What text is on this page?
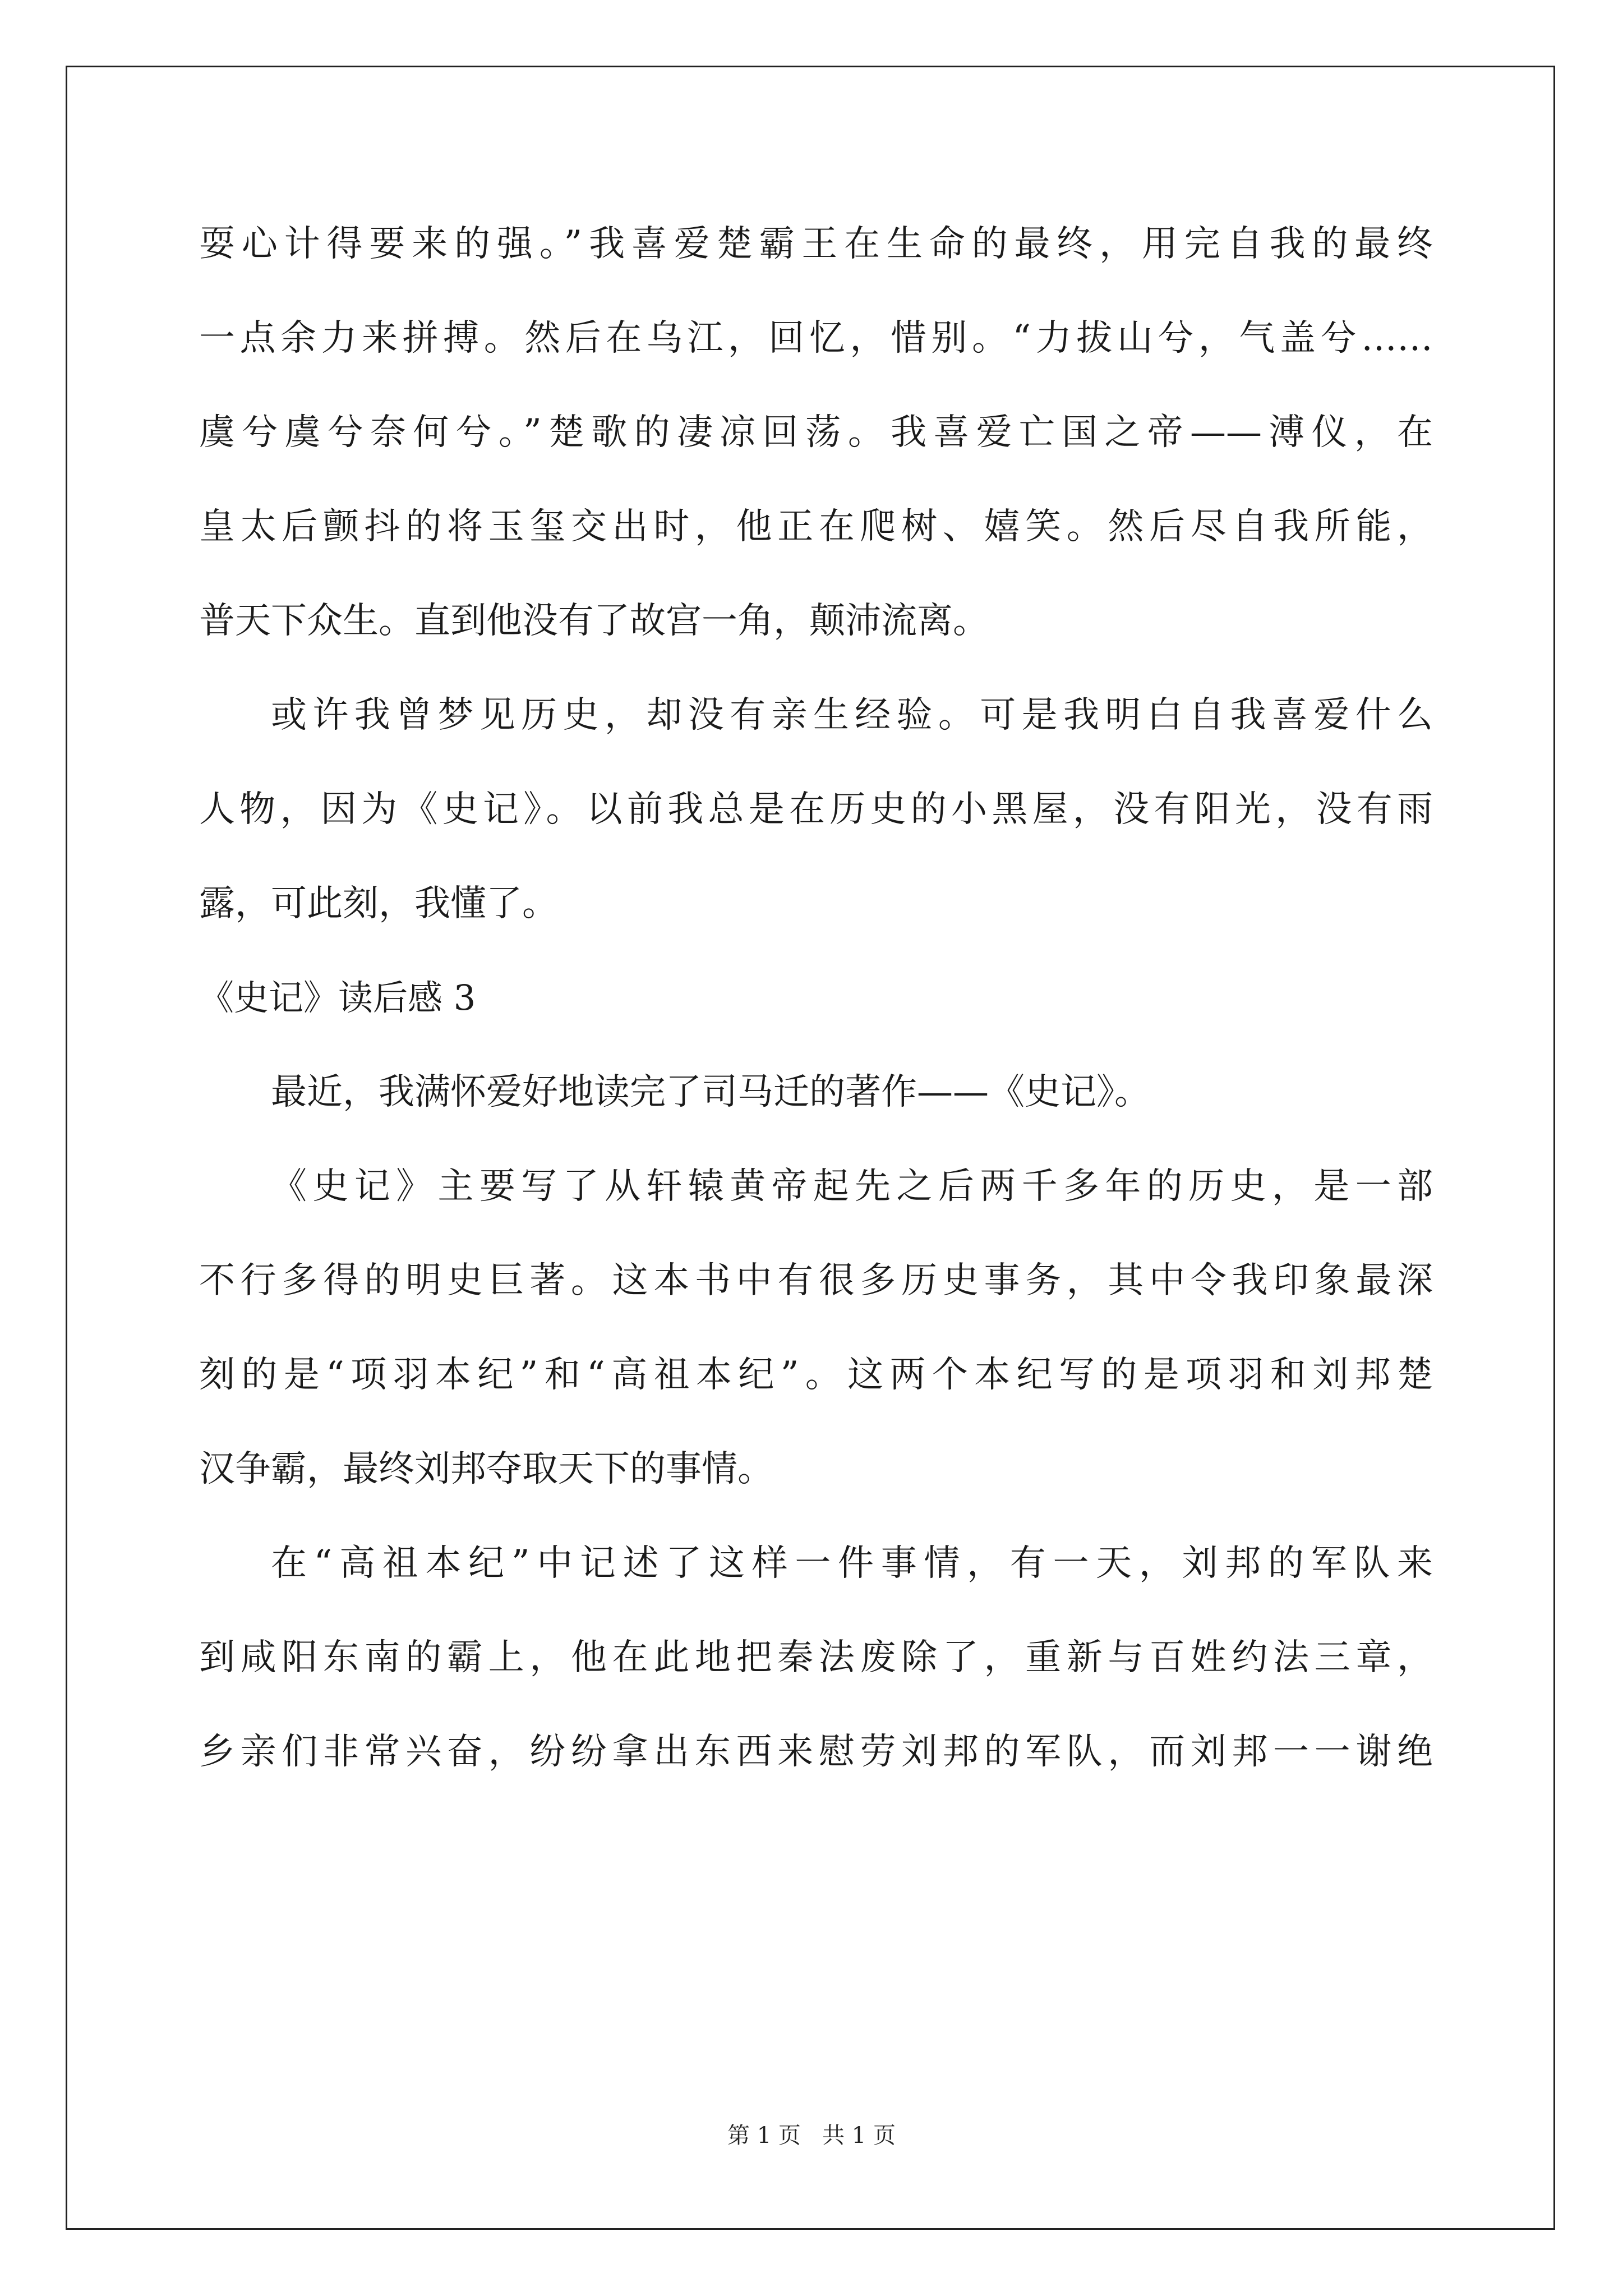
耍心计得要来的强。”我喜爱楚霸王在生命的最终，用完自我的最终
一点余力来拼搏。然后在乌江，回忆，惜别。“力拔山兮，气盖兮……
虞兮虞兮奈何兮。”楚歌的凄凉回荡。我喜爱亡国之帝——溥仪，在
皇太后颤抖的将玉玺交出时，他正在爬树、嬉笑。然后尽自我所能，
普天下众生。直到他没有了故宫一角，颠沛流离。
或许我曾梦见历史，却没有亲生经验。可是我明白自我喜爱什么
人物，因为《史记》。以前我总是在历史的小黑屋，没有阳光，没有雨
露，可此刻，我懂了。
《史记》读后感 3
最近，我满怀爱好地读完了司马迁的著作——《史记》。
《史记》主要写了从轩辕黄帝起先之后两千多年的历史，是一部
不行多得的明史巨著。这本书中有很多历史事务，其中令我印象最深
刻的是“项羽本纪”和“高祖本纪”。这两个本纪写的是项羽和刘邦楚
汉争霸，最终刘邦夺取天下的事情。
在“高祖本纪”中记述了这样一件事情，有一天，刘邦的军队来
到咸阳东南的霸上，他在此地把秦法废除了，重新与百姓约法三章，
乡亲们非常兴奋，纷纷拿出东西来慰劳刘邦的军队，而刘邦一一谢绝
第 1 页   共 1 页
